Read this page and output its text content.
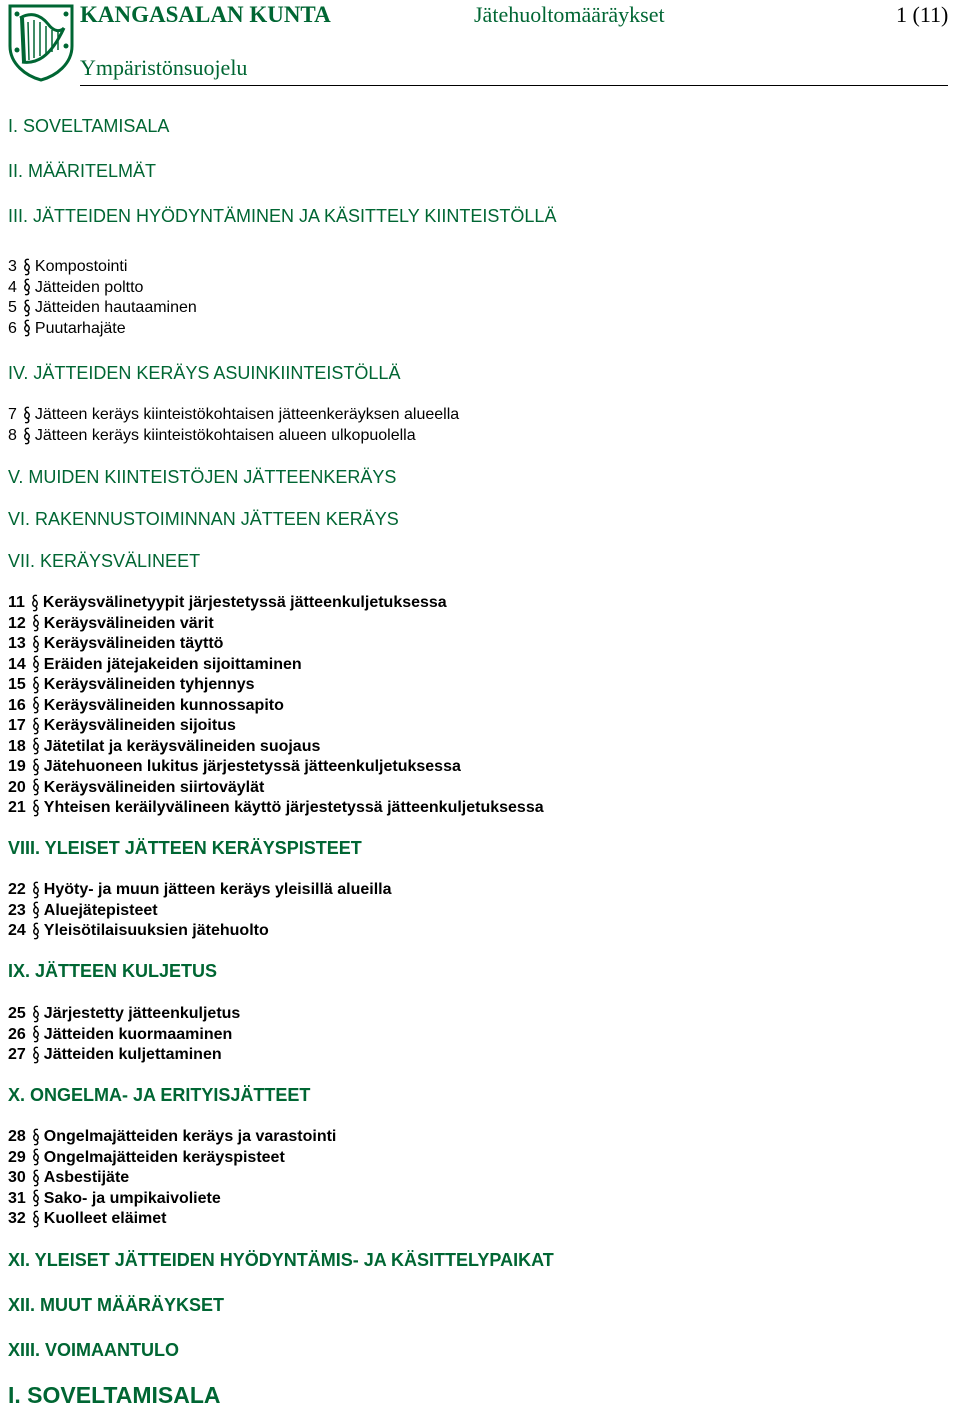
KANGASALAN KUNTA	Jätehuoltomääräykset	1 (11)
Ympäristönsuojelu
I. SOVELTAMISALA
II. MÄÄRITELMÄT
III. JÄTTEIDEN HYÖDYNTÄMINEN JA KÄSITTELY KIINTEISTÖLLÄ
3 Kompostointi
4 Jätteiden poltto
5 Jätteiden hautaaminen
6 Puutarhajäte
IV. JÄTTEIDEN KERÄYS ASUINKIINTEISTÖLLÄ
7 Jätteen keräys kiinteistökohtaisen jätteenkeräyksen alueella
8 Jätteen keräys kiinteistökohtaisen alueen ulkopuolella
V. MUIDEN KIINTEISTÖJEN JÄTTEENKERÄYS
VI. RAKENNUSTOIMINNAN JÄTTEEN KERÄYS
VII. KERÄYSVÄLINEET
11 Keräysvälinetyypit järjestetyssä jätteenkuljetuksessa
12 Keräysvälineiden värit
13 Keräysvälineiden täyttö
14 Eräiden jätejakeiden sijoittaminen
15 Keräysvälineiden tyhjennys
16 Keräysvälineiden kunnossapito
17 Keräysvälineiden sijoitus
18 Jätetilat ja keräysvälineiden suojaus
19 Jätehuoneen lukitus järjestetyssä jätteenkuljetuksessa
20 Keräysvälineiden siirtoväylät
21 Yhteisen keräilyvälineen käyttö järjestetyssä jätteenkuljetuksessa
VIII. YLEISET JÄTTEEN KERÄYSPISTEET
22 Hyöty- ja muun jätteen keräys yleisillä alueilla
23 Aluejätepisteet
24 Yleisötilaisuuksien jätehuolto
IX. JÄTTEEN KULJETUS
25 Järjestetty jätteenkuljetus
26 Jätteiden kuormaaminen
27 Jätteiden kuljettaminen
X. ONGELMA- JA ERITYISJÄTTEET
28 Ongelmajätteiden keräys ja varastointi
29 Ongelmajätteiden keräyspisteet
30 Asbestijäte
31 Sako- ja umpikaivoliete
32 Kuolleet eläimet
XI. YLEISET JÄTTEIDEN HYÖDYNTÄMIS- JA KÄSITTELYPAIKAT
XII. MUUT MÄÄRÄYKSET
XIII. VOIMAANTULO
I. SOVELTAMISALA
